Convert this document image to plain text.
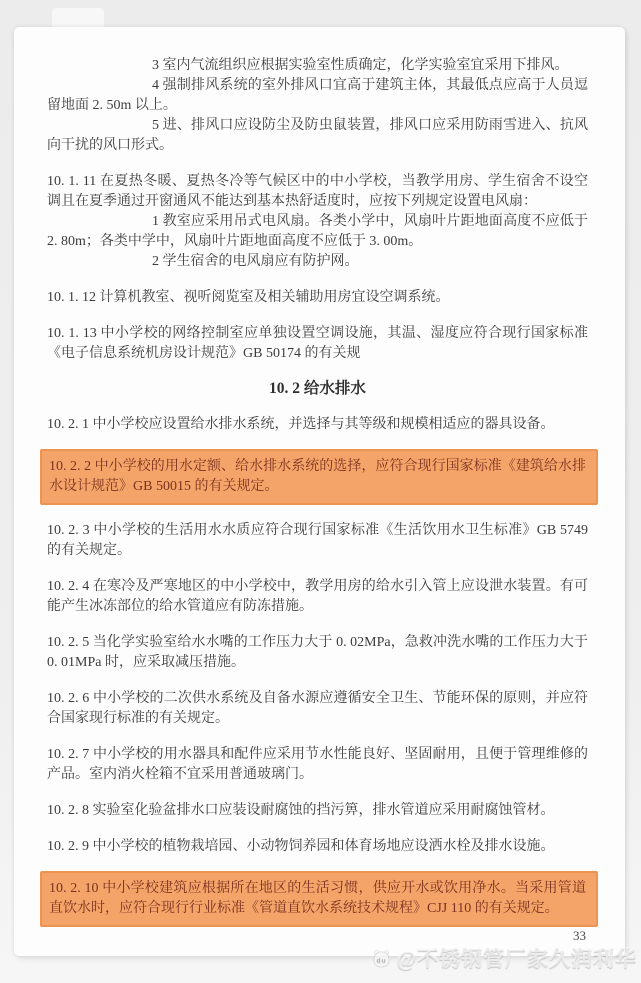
3 室内气流组织应根据实验室性质确定，化学实验室宜采用下排风。
4 强制排风系统的室外排风口宜高于建筑主体，其最低点应高于人员逗留地面 2. 50m 以上。
5 进、排风口应设防尘及防虫鼠装置，排风口应采用防雨雪进入、抗风向干扰的风口形式。
10. 1. 11 在夏热冬暖、夏热冬冷等气候区中的中小学校，当教学用房、学生宿舍不设空调且在夏季通过开窗通风不能达到基本热舒适度时，应按下列规定设置电风扇：
1 教室应采用吊式电风扇。各类小学中，风扇叶片距地面高度不应低于 2. 80m；各类中学中，风扇叶片距地面高度不应低于 3. 00m。
2 学生宿舍的电风扇应有防护网。
10. 1. 12 计算机教室、视听阅览室及相关辅助用房宜设空调系统。
10. 1. 13 中小学校的网络控制室应单独设置空调设施，其温、湿度应符合现行国家标准《电子信息系统机房设计规范》GB 50174 的有关规
10. 2 给水排水
10. 2. 1 中小学校应设置给水排水系统，并选择与其等级和规模相适应的器具设备。
10. 2. 2 中小学校的用水定额、给水排水系统的选择，应符合现行国家标准《建筑给水排水设计规范》GB 50015 的有关规定。
10. 2. 3 中小学校的生活用水水质应符合现行国家标准《生活饮用水卫生标准》GB 5749 的有关规定。
10. 2. 4 在寒冷及严寒地区的中小学校中，教学用房的给水引入管上应设泄水装置。有可能产生冰冻部位的给水管道应有防冻措施。
10. 2. 5 当化学实验室给水水嘴的工作压力大于 0. 02MPa，急救冲洗水嘴的工作压力大于 0. 01MPa 时，应采取减压措施。
10. 2. 6 中小学校的二次供水系统及自备水源应遵循安全卫生、节能环保的原则，并应符合国家现行标准的有关规定。
10. 2. 7 中小学校的用水器具和配件应采用节水性能良好、坚固耐用，且便于管理维修的产品。室内消火栓箱不宜采用普通玻璃门。
10. 2. 8 实验室化验盆排水口应装设耐腐蚀的挡污箅，排水管道应采用耐腐蚀管材。
10. 2. 9 中小学校的植物栽培园、小动物饲养园和体育场地应设洒水栓及排水设施。
10. 2. 10 中小学校建筑应根据所在地区的生活习惯，供应开水或饮用净水。当采用管道直饮水时，应符合现行行业标准《管道直饮水系统技术规程》CJJ 110 的有关规定。
33
du @不锈钢管厂家久润利华
